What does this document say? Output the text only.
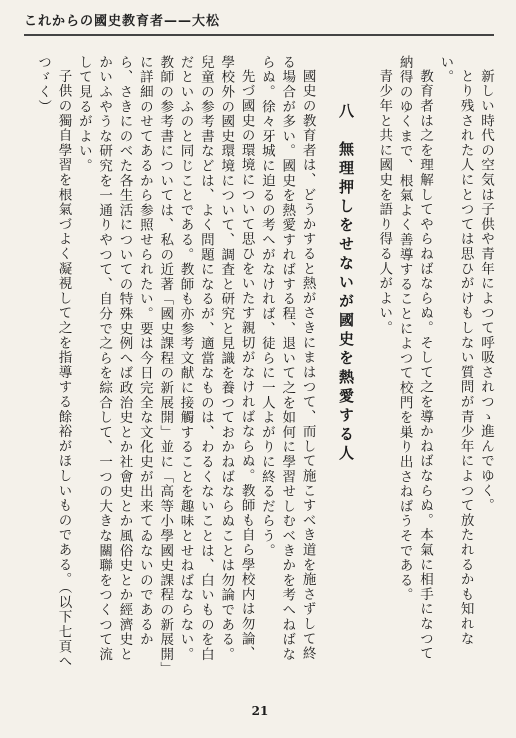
これからの國史教育者——大松

新しい時代の空気は子供や青年によつて呼吸されつゝ進んでゆく。

とり残された人にとつては思ひがけもしない質問が青少年によつて放たれるかも知れない。

教育者は之を理解してやらねばならぬ。そして之を導かねばならぬ。本氣に相手になつて納得のゆくまで、根氣よく善導することによつて校門を巣り出さねばうそである。

青少年と共に國史を語り得る人がよい。

八　無理押しをせないが國史を熱愛する人

國史の教育者は、どうかすると熱がさきにまはつて、而して施こすべき道を施さずして終る場合が多い。國史を熱愛すればする程、退いて之を如何に學習せしむべきかを考へねばならぬ。徐々牙城に迫るの考へがなければ、徒らに一人よがりに終るだらう。

先づ國史の環境について思ひをいたす親切がなければならぬ。教師も自ら學校内は勿論、學校外の國史環境について、調査と研究と見識を養つておかねばならぬことは勿論である。兒童の参考書などは、よく問題になるが、適當なものは、わるくないことは、白いものを白だといふのと同じことである。教師も亦参考文献に接觸することを趣味とせねばならない。教師の参考書については、私の近著「國史課程の新展開」並に「高等小學國史課程の新展開」に詳細のせてあるから参照せられたい。要は今日完全な文化史が出来てゐないのであるから、さきにのべた各生活についての特殊史例へば政治史とか社會史とか風俗史とか經濟史とかいふやうな研究を一通りやつて、自分で之らを綜合して、一つの大きな關聯をつくつて流して見るがよい。

子供の獨自學習を根氣づよく凝視して之を指導する餘裕がほしいものである。（以下七頁へつゞく）

21
